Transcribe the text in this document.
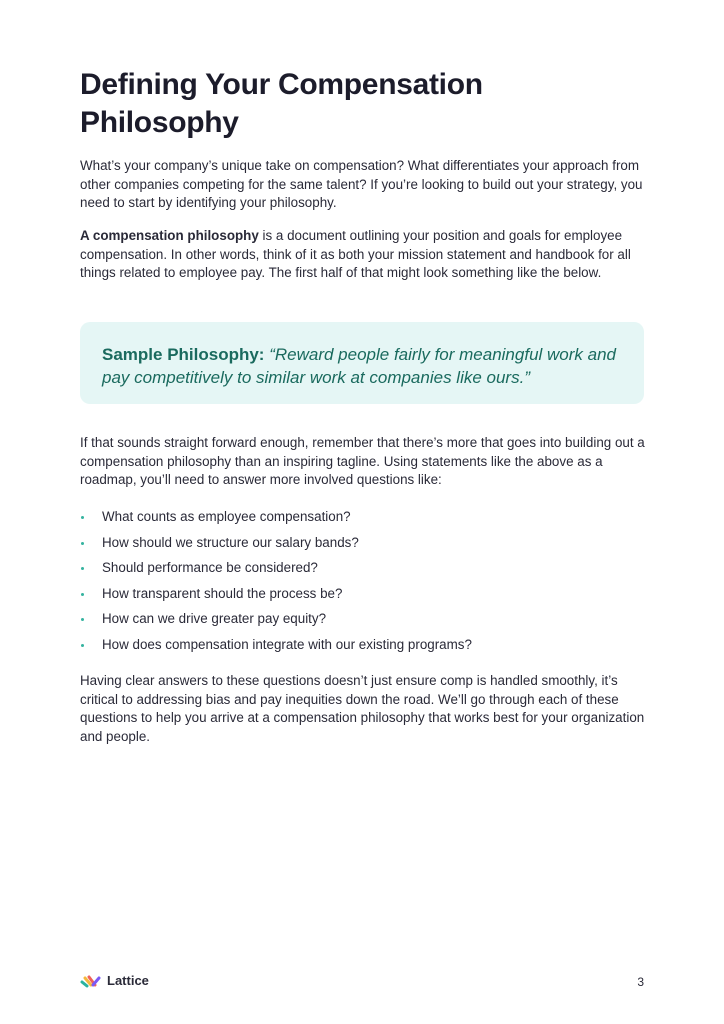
Defining Your Compensation Philosophy

What’s your company’s unique take on compensation? What differentiates your approach from other companies competing for the same talent? If you’re looking to build out your strategy, you need to start by identifying your philosophy.

A compensation philosophy is a document outlining your position and goals for employee compensation. In other words, think of it as both your mission statement and handbook for all things related to employee pay. The first half of that might look something like the below.

Sample Philosophy: “Reward people fairly for meaningful work and pay competitively to similar work at companies like ours.”

If that sounds straight forward enough, remember that there’s more that goes into building out a compensation philosophy than an inspiring tagline. Using statements like the above as a roadmap, you’ll need to answer more involved questions like:

What counts as employee compensation?
How should we structure our salary bands?
Should performance be considered?
How transparent should the process be?
How can we drive greater pay equity?
How does compensation integrate with our existing programs?

Having clear answers to these questions doesn’t just ensure comp is handled smoothly, it’s critical to addressing bias and pay inequities down the road. We’ll go through each of these questions to help you arrive at a compensation philosophy that works best for your organization and people.

Lattice	3
